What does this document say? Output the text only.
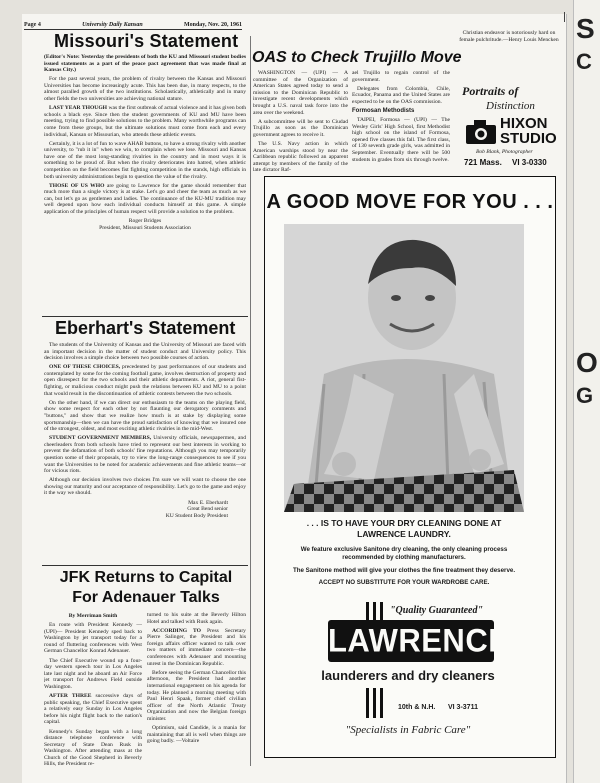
S
C
O
G
Page 4	University Daily Kansan	Monday, Nov. 20, 1961
Missouri's Statement

(Editor's Note: Yesterday the presidents of both the KU and Missouri student bodies issued statements as a part of the peace pact agreement that was made final at Kansas City.)

For the past several years, the problem of rivalry between the Kansas and Missouri Universities has become increasingly acute. This has been due, in many respects, to the almost paralled growth of the two institutions. Scholastically, athletically and in many other fields the two universities are achieving national stature.

LAST YEAR THOUGH was the first outbreak of actual violence and it has given both schools a black eye. Since then the student governments of KU and MU have been meeting, trying to find possible solutions to the problem. Many worthwhile programs can come from these groups, but the ultimate solutions must come from each and every individual, Kansan or Missourian, who attends these athletic events.

Certainly, it is a lot of fun to wave AHAB buttons, to have a strong rivalry with another university, to "rub it in" when we win, to complain when we lose. Missouri and Kansas have one of the most long-standing rivalries in the country and in most ways it is something to be proud of. But when the rivalry deteriorates into hatred, when athletic competition on the field becomes fist fighting competition in the stands, high officials in both university administrations begin to question the value of the rivalry.

THOSE OF US WHO are going to Lawrence for the game should remember that much more than a single victory is at stake. Let's go and cheer the team as much as we can, but let's go as gentlemen and ladies. The continuance of the KU-MU tradition may well depend upon how each individual conducts himself at this game. A simple application of the principles of human respect will provide a solution to the problem.

Roger Bridges
President, Missouri Students Association

Eberhart's Statement

The students of the University of Kansas and the University of Missouri are faced with an important decision in the matter of student conduct and University policy. This decision involves a simple choice between two possible courses of action.

ONE OF THESE CHOICES, precedented by past performances of our students and contemplated by some for the coming football game, involves destruction of property and open disrespect for the two schools and their athletic departments. A riot, general fist-fighting, or malicious conduct might push the relations between KU and MU to a point that would result in the discontinuation of athletic contests between the two schools.

On the other hand, if we can direct our enthusiasm to the teams on the playing field, show some respect for each other by not flaunting our derogatory comments and "buttons," and show that we realize how much is at stake by displaying some sportsmanship—then we can have the proud satisfaction of knowing that we insured one of the strongest, oldest, and most exciting athletic rivalries in the mid-West.

STUDENT GOVERNMENT MEMBERS, University officials, newspapermen, and cheerleaders from both schools have tried to represent our best interests in working to prevent the defamation of both schools' fine reputations. Although you may temporarily question some of their proposals, try to view the long-range consequences to see if you want the Universities to be noted for academic achievements and fine athletic teams—or for vicious riots.

Although our decision involves two choices I'm sure we will want to choose the one showing our maturity and our acceptance of responsibility. Let's go to the game and enjoy it the way we should.

Max E. Eberhardt
Great Bend senior
KU Student Body President

JFK Returns to Capital
For Adenauer Talks

By Merriman Smith

En route with President Kennedy —(UPI)— President Kennedy sped back to Washington by jet transport today for a round of fluttering conferences with West German Chancellor Konrad Adenauer.

The Chief Executive wound up a four-day western speech tour in Los Angeles late last night and he aboard an Air Force jet transport for Andrews Field outside Washington.

AFTER THREE successive days of public speaking, the Chief Executive spent a relatively easy Sunday in Los Angeles before his night flight back to the nation's capital.

Kennedy's Sunday began with a long distance telephone conference with Secretary of State Dean Rusk in Washington. After attending mass at the Church of the Good Shepherd in Beverly Hills, the President re-

turned to his suite at the Beverly Hilton Hotel and talked with Rusk again.

ACCORDING TO Press Secretary Pierre Salinger, the President and his foreign affairs officer wanted to talk over two matters of immediate concern—the conferences with Adenauer and mounting unrest in the Dominican Republic.

Before seeing the German Chancellor this afternoon, the President had another international engagement on his agenda for today. He planned a morning meeting with Paul Henri Spaak, former chief civilian officer of the North Atlantic Treaty Organization and now the Belgian foreign minister.

Optimism, said Candide, is a mania for maintaining that all is well when things are going badly. —Voltaire

OAS to Check Trujillo Move

WASHINGTON — (UPI) — A committee of the Organization of American States agreed today to send a mission to the Dominican Republic to investigate recent developments which brought a U.S. naval task force into the area over the weekend.

A subcommittee will be sent to Ciudad Trujillo as soon as the Dominican government agrees to receive it.

The U.S. Navy action in which American warships stood by near the Caribbean republic followed an apparent attempt by members of the family of the late dictator Raf-

ael Trujillo to regain control of the government.

Delegates from Colombia, Chile, Ecuador, Panama and the United States are expected to be on the OAS commission.

Formosan Methodists

TAIPEI, Formosa — (UPI) — The Wesley Girls' High School, first Methodist high school on the island of Formosa, opened five classes this fall. The first class, of 130 seventh grade girls, was admitted in September. Eventually there will be 500 students in grades from six through twelve.

Christian endeavor is notoriously hard on female pulchritude.—Henry Louis Mencken
Portraits of
Distinction
HIXON
STUDIO
Bob Blank, Photographer
721 Mass. VI 3-0330
A GOOD MOVE FOR YOU . . .
. . . IS TO HAVE YOUR DRY CLEANING DONE AT LAWRENCE LAUNDRY.
We feature exclusive Sanitone dry cleaning, the only cleaning process recommended by clothing manufacturers.
The Sanitone method will give your clothes the fine treatment they deserve.
ACCEPT NO SUBSTITUTE FOR YOUR WARDROBE CARE.
"Quality Guaranteed"
LAWRENCE
launderers and dry cleaners
10th & N.H. VI 3-3711
"Specialists in Fabric Care"
